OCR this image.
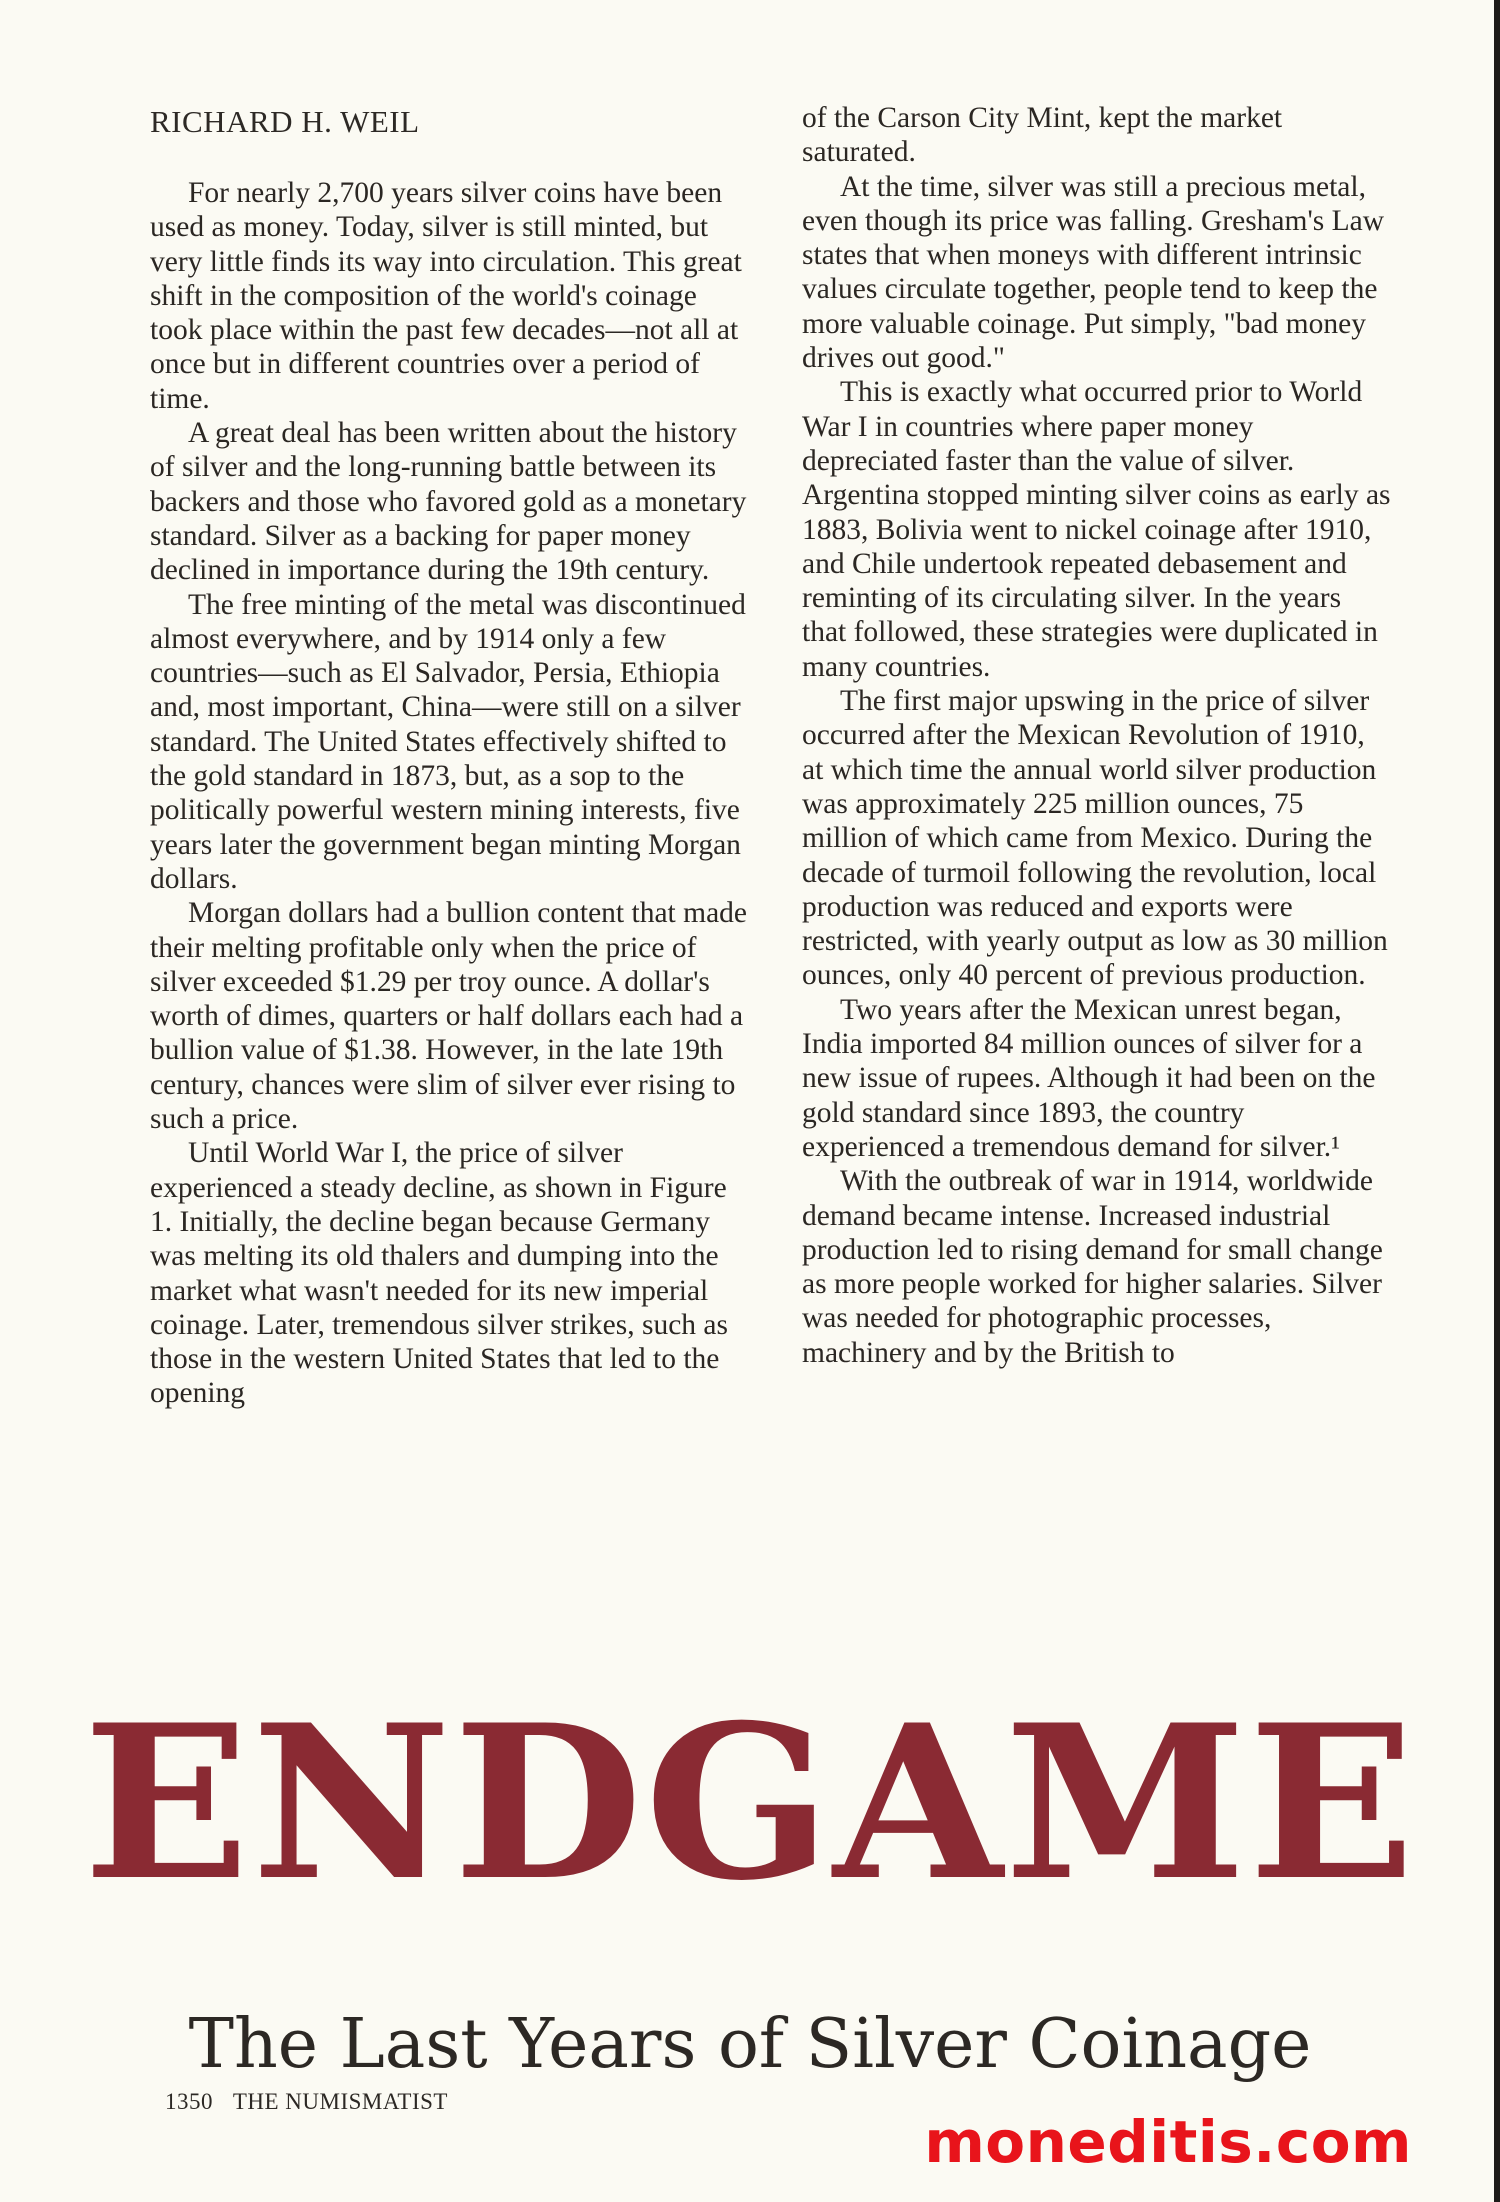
RICHARD H. WEIL

For nearly 2,700 years silver coins have been used as money. Today, silver is still minted, but very little finds its way into circulation. This great shift in the composition of the world's coinage took place within the past few decades—not all at once but in different countries over a period of time.

A great deal has been written about the history of silver and the long-running battle between its backers and those who favored gold as a monetary standard. Silver as a backing for paper money declined in importance during the 19th century.

The free minting of the metal was discontinued almost everywhere, and by 1914 only a few countries—such as El Salvador, Persia, Ethiopia and, most important, China—were still on a silver standard. The United States effectively shifted to the gold standard in 1873, but, as a sop to the politically powerful western mining interests, five years later the government began minting Morgan dollars.

Morgan dollars had a bullion content that made their melting profitable only when the price of silver exceeded $1.29 per troy ounce. A dollar's worth of dimes, quarters or half dollars each had a bullion value of $1.38. However, in the late 19th century, chances were slim of silver ever rising to such a price.

Until World War I, the price of silver experienced a steady decline, as shown in Figure 1. Initially, the decline began because Germany was melting its old thalers and dumping into the market what wasn't needed for its new imperial coinage. Later, tremendous silver strikes, such as those in the western United States that led to the opening

of the Carson City Mint, kept the market saturated.

At the time, silver was still a precious metal, even though its price was falling. Gresham's Law states that when moneys with different intrinsic values circulate together, people tend to keep the more valuable coinage. Put simply, "bad money drives out good."

This is exactly what occurred prior to World War I in countries where paper money depreciated faster than the value of silver. Argentina stopped minting silver coins as early as 1883, Bolivia went to nickel coinage after 1910, and Chile undertook repeated debasement and reminting of its circulating silver. In the years that followed, these strategies were duplicated in many countries.

The first major upswing in the price of silver occurred after the Mexican Revolution of 1910, at which time the annual world silver production was approximately 225 million ounces, 75 million of which came from Mexico. During the decade of turmoil following the revolution, local production was reduced and exports were restricted, with yearly output as low as 30 million ounces, only 40 percent of previous production.

Two years after the Mexican unrest began, India imported 84 million ounces of silver for a new issue of rupees. Although it had been on the gold standard since 1893, the country experienced a tremendous demand for silver.¹

With the outbreak of war in 1914, worldwide demand became intense. Increased industrial production led to rising demand for small change as more people worked for higher salaries. Silver was needed for photographic processes, machinery and by the British to

ENDGAME
The Last Years of Silver Coinage
1350 THE NUMISMATIST
moneditis.com
